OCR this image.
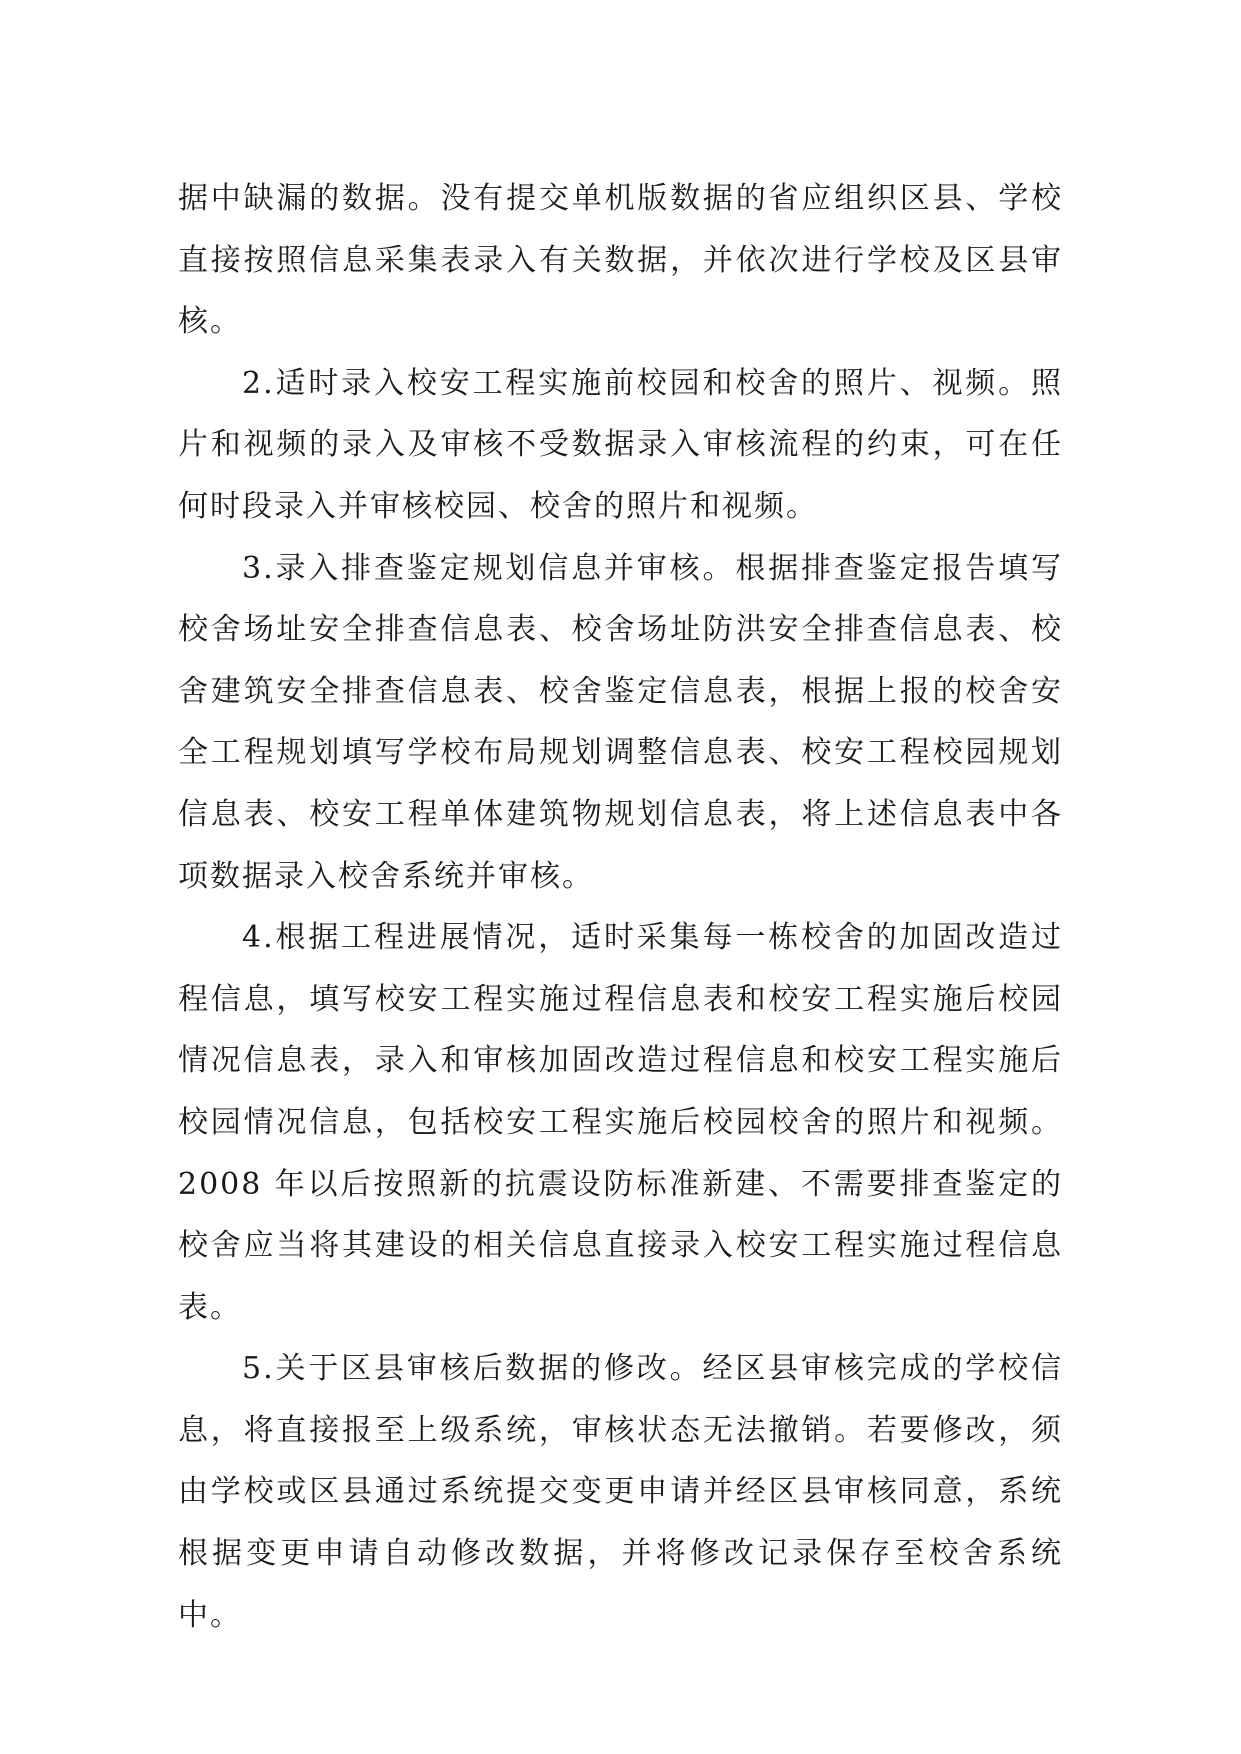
据中缺漏的数据。没有提交单机版数据的省应组织区县、学校直接按照信息采集表录入有关数据，并依次进行学校及区县审核。

2.适时录入校安工程实施前校园和校舍的照片、视频。照片和视频的录入及审核不受数据录入审核流程的约束，可在任何时段录入并审核校园、校舍的照片和视频。

3.录入排查鉴定规划信息并审核。根据排查鉴定报告填写校舍场址安全排查信息表、校舍场址防洪安全排查信息表、校舍建筑安全排查信息表、校舍鉴定信息表，根据上报的校舍安全工程规划填写学校布局规划调整信息表、校安工程校园规划信息表、校安工程单体建筑物规划信息表，将上述信息表中各项数据录入校舍系统并审核。

4.根据工程进展情况，适时采集每一栋校舍的加固改造过程信息，填写校安工程实施过程信息表和校安工程实施后校园情况信息表，录入和审核加固改造过程信息和校安工程实施后校园情况信息，包括校安工程实施后校园校舍的照片和视频。2008 年以后按照新的抗震设防标准新建、不需要排查鉴定的校舍应当将其建设的相关信息直接录入校安工程实施过程信息表。

5.关于区县审核后数据的修改。经区县审核完成的学校信息，将直接报至上级系统，审核状态无法撤销。若要修改，须由学校或区县通过系统提交变更申请并经区县审核同意，系统根据变更申请自动修改数据，并将修改记录保存至校舍系统中。
